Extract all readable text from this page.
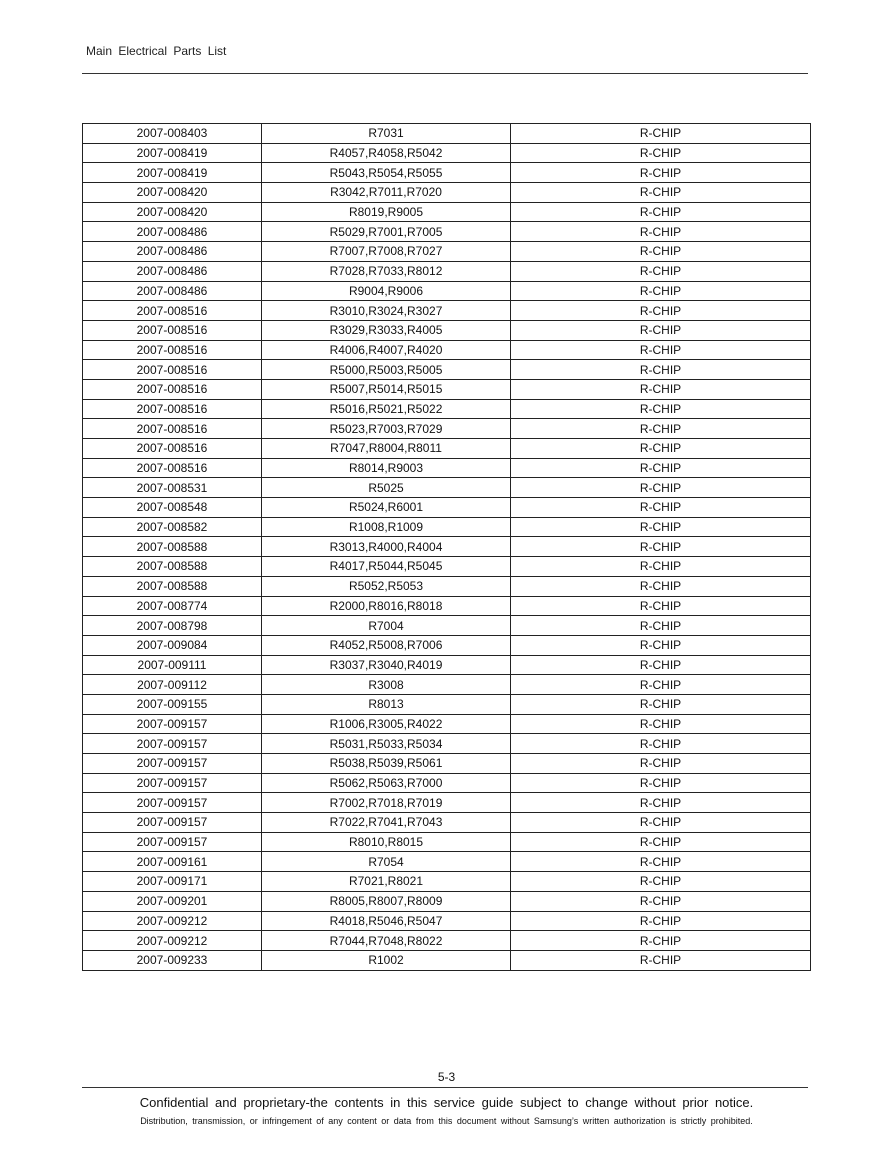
Main Electrical Parts List
2007-008403	R7031	R-CHIP
2007-008419	R4057,R4058,R5042	R-CHIP
2007-008419	R5043,R5054,R5055	R-CHIP
2007-008420	R3042,R7011,R7020	R-CHIP
2007-008420	R8019,R9005	R-CHIP
2007-008486	R5029,R7001,R7005	R-CHIP
2007-008486	R7007,R7008,R7027	R-CHIP
2007-008486	R7028,R7033,R8012	R-CHIP
2007-008486	R9004,R9006	R-CHIP
2007-008516	R3010,R3024,R3027	R-CHIP
2007-008516	R3029,R3033,R4005	R-CHIP
2007-008516	R4006,R4007,R4020	R-CHIP
2007-008516	R5000,R5003,R5005	R-CHIP
2007-008516	R5007,R5014,R5015	R-CHIP
2007-008516	R5016,R5021,R5022	R-CHIP
2007-008516	R5023,R7003,R7029	R-CHIP
2007-008516	R7047,R8004,R8011	R-CHIP
2007-008516	R8014,R9003	R-CHIP
2007-008531	R5025	R-CHIP
2007-008548	R5024,R6001	R-CHIP
2007-008582	R1008,R1009	R-CHIP
2007-008588	R3013,R4000,R4004	R-CHIP
2007-008588	R4017,R5044,R5045	R-CHIP
2007-008588	R5052,R5053	R-CHIP
2007-008774	R2000,R8016,R8018	R-CHIP
2007-008798	R7004	R-CHIP
2007-009084	R4052,R5008,R7006	R-CHIP
2007-009111	R3037,R3040,R4019	R-CHIP
2007-009112	R3008	R-CHIP
2007-009155	R8013	R-CHIP
2007-009157	R1006,R3005,R4022	R-CHIP
2007-009157	R5031,R5033,R5034	R-CHIP
2007-009157	R5038,R5039,R5061	R-CHIP
2007-009157	R5062,R5063,R7000	R-CHIP
2007-009157	R7002,R7018,R7019	R-CHIP
2007-009157	R7022,R7041,R7043	R-CHIP
2007-009157	R8010,R8015	R-CHIP
2007-009161	R7054	R-CHIP
2007-009171	R7021,R8021	R-CHIP
2007-009201	R8005,R8007,R8009	R-CHIP
2007-009212	R4018,R5046,R5047	R-CHIP
2007-009212	R7044,R7048,R8022	R-CHIP
2007-009233	R1002	R-CHIP
5-3
Confidential and proprietary-the contents in this service guide subject to change without prior notice.
Distribution, transmission, or infringement of any content or data from this document without Samsung’s written authorization is strictly prohibited.
